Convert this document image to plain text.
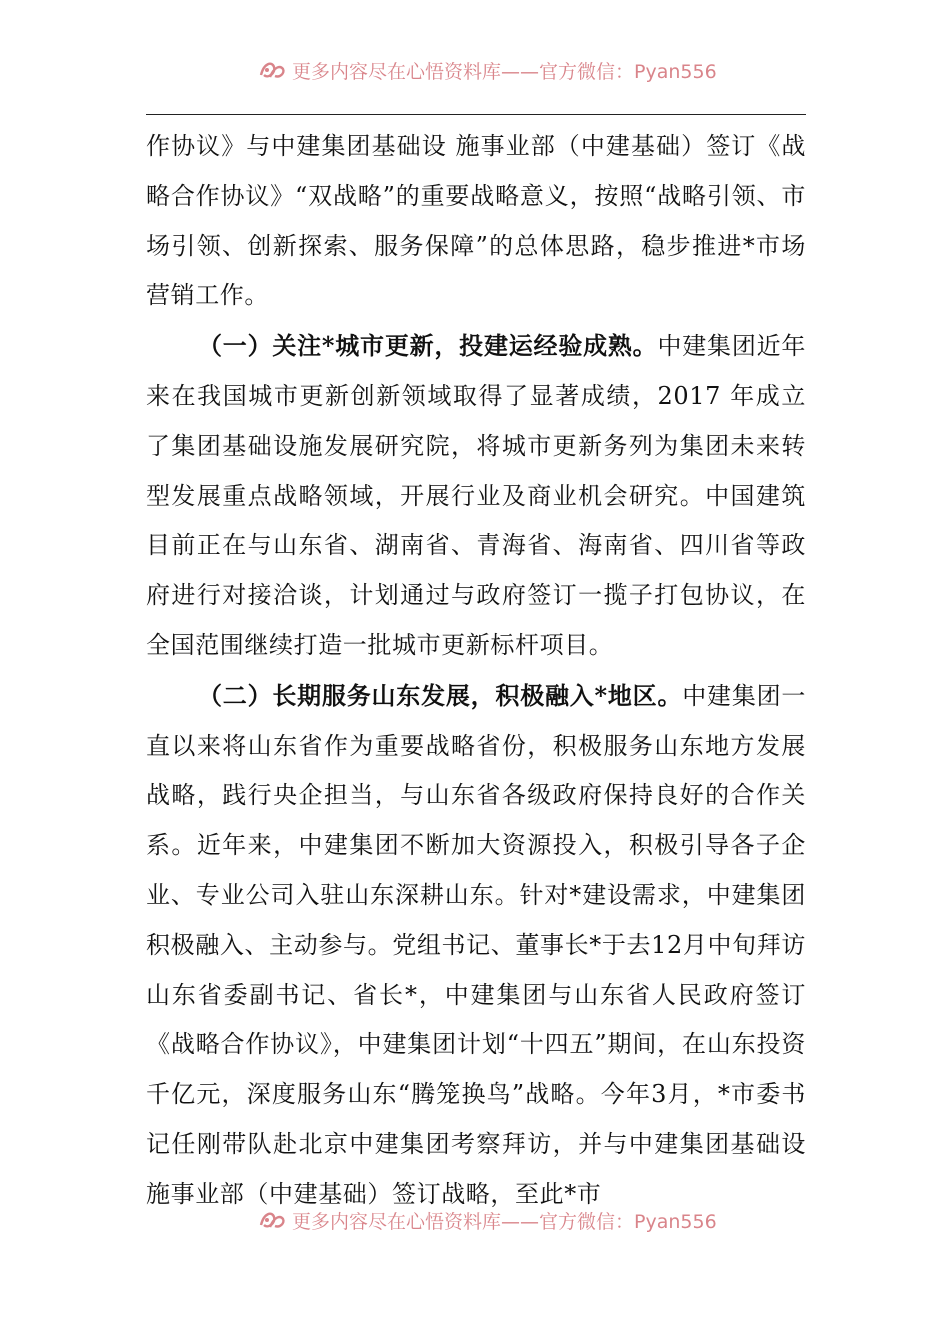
更多内容尽在心悟资料库——官方微信：Pyan556

作协议》与中建集团基础设 施事业部（中建基础）签订《战略合作协议》“双战略”的重要战略意义，按照“战略引领、市场引领、创新探索、服务保障”的总体思路，稳步推进*市场营销工作。

（一）关注*城市更新，投建运经验成熟。中建集团近年来在我国城市更新创新领域取得了显著成绩，2017 年成立了集团基础设施发展研究院，将城市更新务列为集团未来转型发展重点战略领域，开展行业及商业机会研究。中国建筑目前正在与山东省、湖南省、青海省、海南省、四川省等政府进行对接洽谈，计划通过与政府签订一揽子打包协议，在全国范围继续打造一批城市更新标杆项目。

（二）长期服务山东发展，积极融入*地区。中建集团一直以来将山东省作为重要战略省份，积极服务山东地方发展战略，践行央企担当，与山东省各级政府保持良好的合作关系。近年来，中建集团不断加大资源投入，积极引导各子企业、专业公司入驻山东深耕山东。针对*建设需求，中建集团积极融入、主动参与。党组书记、董事长*于去12月中旬拜访山东省委副书记、省长*，中建集团与山东省人民政府签订《战略合作协议》，中建集团计划“十四五”期间，在山东投资千亿元，深度服务山东“腾笼换鸟”战略。今年3月，*市委书记任刚带队赴北京中建集团考察拜访，并与中建集团基础设施事业部（中建基础）签订战略，至此*市

更多内容尽在心悟资料库——官方微信：Pyan556
